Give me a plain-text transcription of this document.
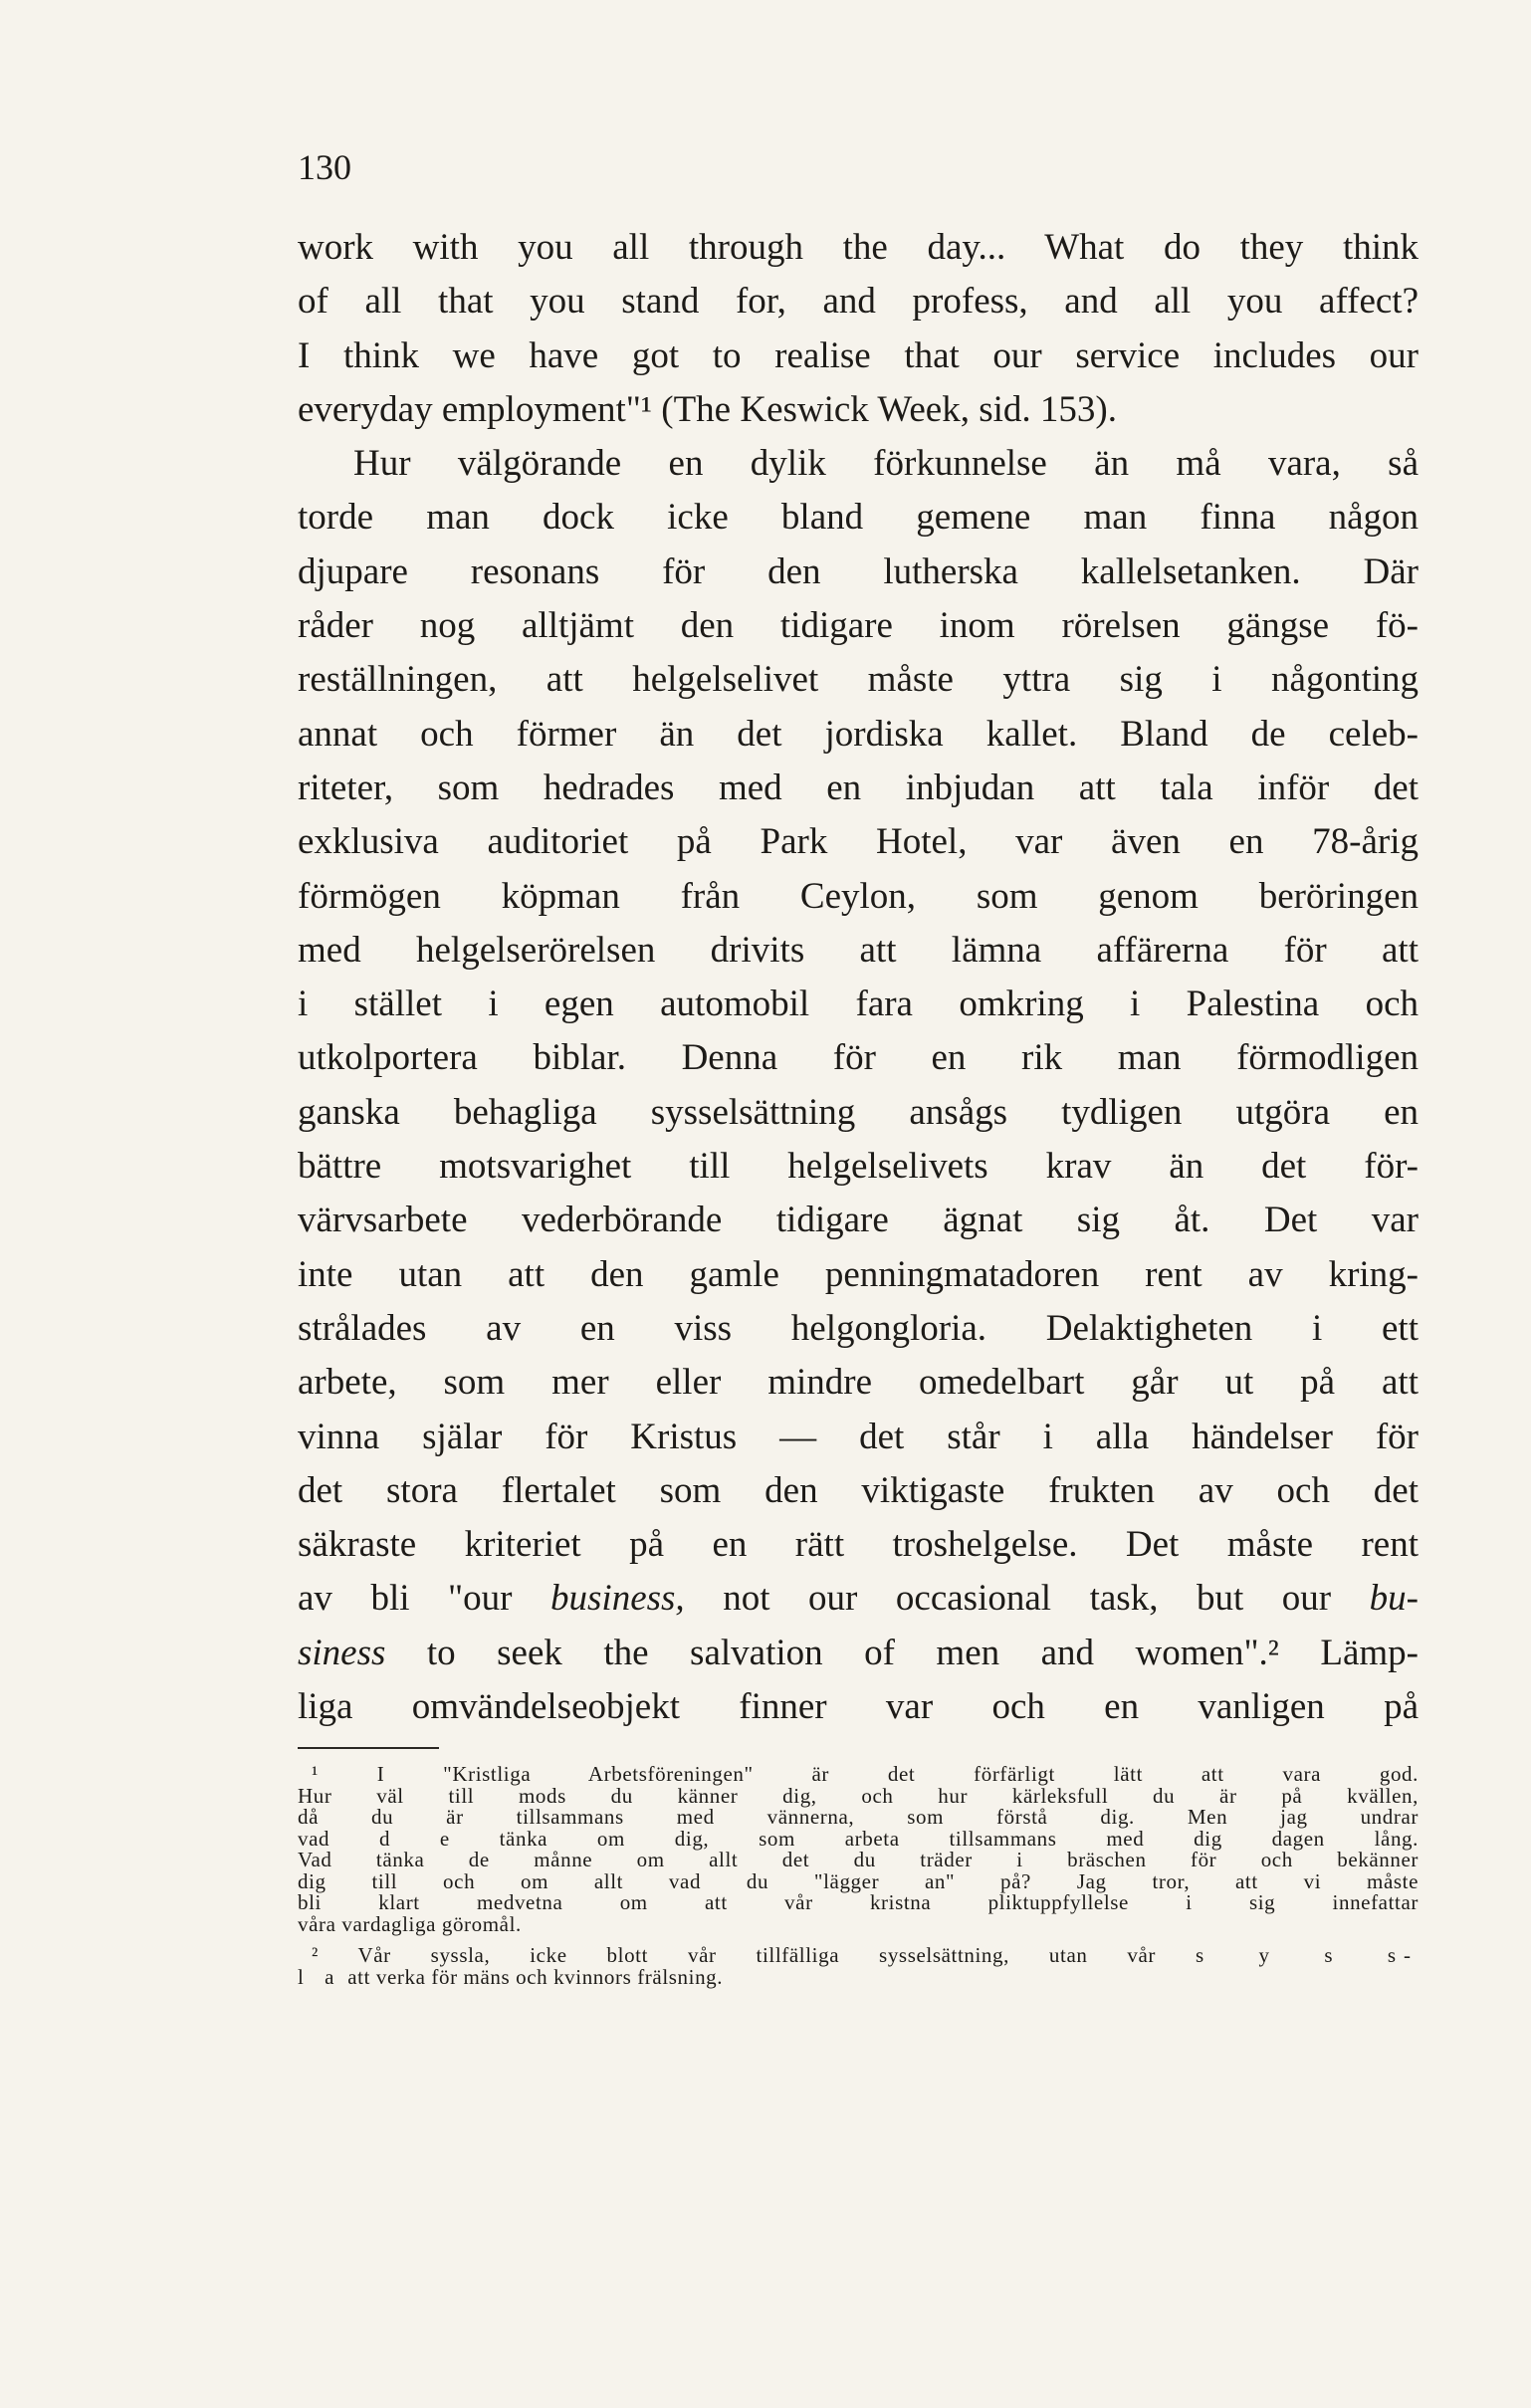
130
work with you all through the day... What do they think
of all that you stand for, and profess, and all you affect?
I think we have got to realise that our service includes our
everyday employment"¹ (The Keswick Week, sid. 153).
Hur välgörande en dylik förkunnelse än må vara, så
torde man dock icke bland gemene man finna någon
djupare resonans för den lutherska kallelsetanken. Där
råder nog alltjämt den tidigare inom rörelsen gängse fö-
reställningen, att helgelselivet måste yttra sig i någonting
annat och förmer än det jordiska kallet. Bland de celeb-
riteter, som hedrades med en inbjudan att tala inför det
exklusiva auditoriet på Park Hotel, var även en 78-årig
förmögen köpman från Ceylon, som genom beröringen
med helgelserörelsen drivits att lämna affärerna för att
i stället i egen automobil fara omkring i Palestina och
utkolportera biblar. Denna för en rik man förmodligen
ganska behagliga sysselsättning ansågs tydligen utgöra en
bättre motsvarighet till helgelselivets krav än det för-
värvsarbete vederbörande tidigare ägnat sig åt. Det var
inte utan att den gamle penningmatadoren rent av kring-
strålades av en viss helgongloria. Delaktigheten i ett
arbete, som mer eller mindre omedelbart går ut på att
vinna själar för Kristus — det står i alla händelser för
det stora flertalet som den viktigaste frukten av och det
säkraste kriteriet på en rätt troshelgelse. Det måste rent
av bli "our business, not our occasional task, but our bu-
siness to seek the salvation of men and women".² Lämp-
liga omvändelseobjekt finner var och en vanligen på
¹ I "Kristliga Arbetsföreningen" är det förfärligt lätt att vara god.
Hur väl till mods du känner dig, och hur kärleksfull du är på kvällen,
då du är tillsammans med vännerna, som förstå dig. Men jag undrar
vad d e tänka om dig, som arbeta tillsammans med dig dagen lång.
Vad tänka de månne om allt det du träder i bräschen för och bekänner
dig till och om allt vad du "lägger an" på? Jag tror, att vi måste
bli klart medvetna om att vår kristna pliktuppfyllelse i sig innefattar
våra vardagliga göromål.
² Vår syssla, icke blott vår tillfälliga sysselsättning, utan vår s y s s-
l a att verka för mäns och kvinnors frälsning.
